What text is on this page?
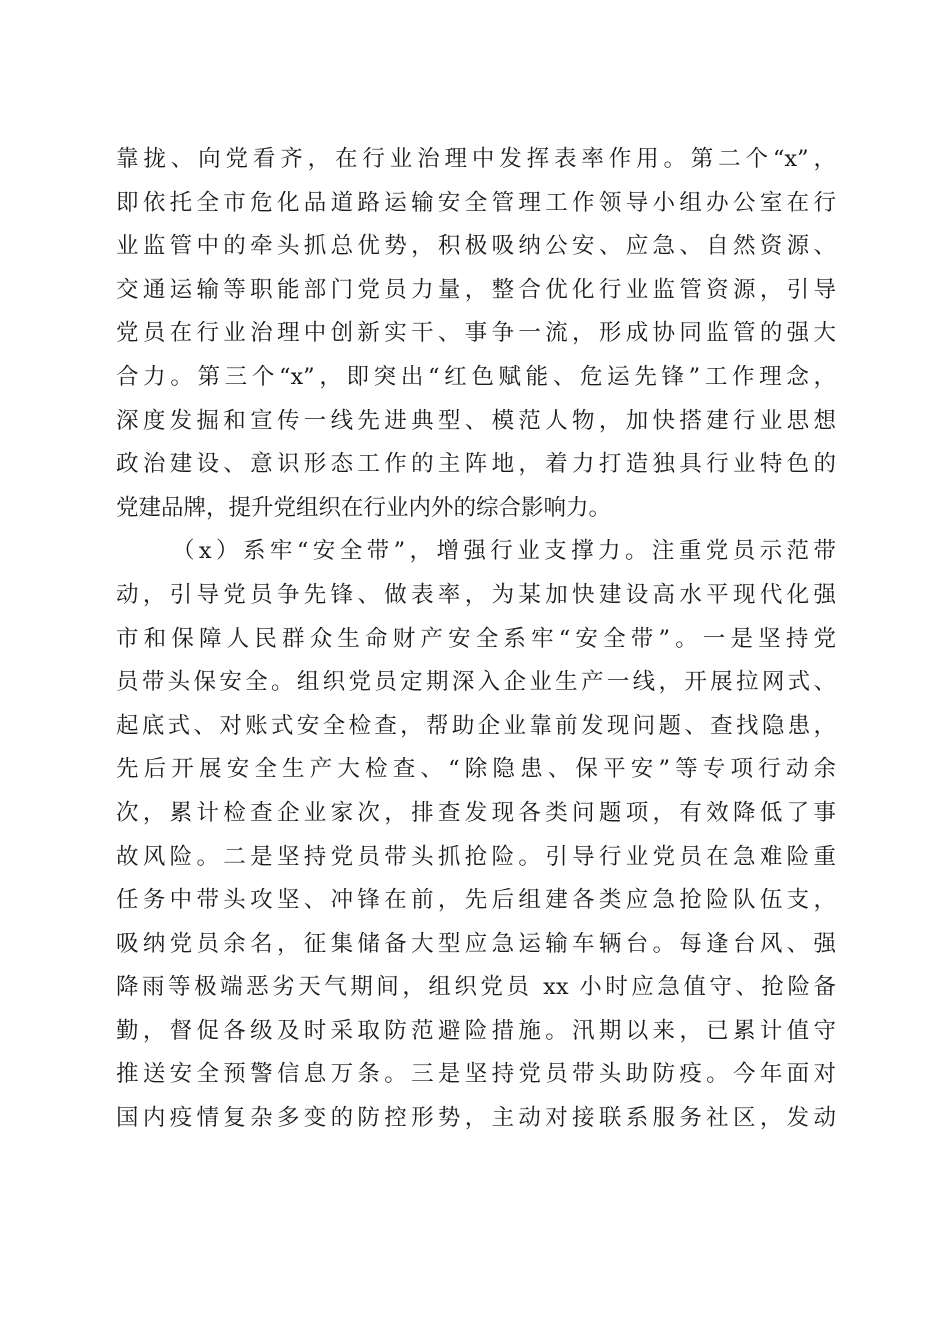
靠拢、向党看齐，在行业治理中发挥表率作用。第二个“x”，
即依托全市危化品道路运输安全管理工作领导小组办公室在行
业监管中的牵头抓总优势，积极吸纳公安、应急、自然资源、
交通运输等职能部门党员力量，整合优化行业监管资源，引导
党员在行业治理中创新实干、事争一流，形成协同监管的强大
合力。第三个“x”，即突出“红色赋能、危运先锋”工作理念，
深度发掘和宣传一线先进典型、模范人物，加快搭建行业思想
政治建设、意识形态工作的主阵地，着力打造独具行业特色的
党建品牌，提升党组织在行业内外的综合影响力。
（x）系牢“安全带”，增强行业支撑力。注重党员示范带
动，引导党员争先锋、做表率，为某加快建设高水平现代化强
市和保障人民群众生命财产安全系牢“安全带”。一是坚持党
员带头保安全。组织党员定期深入企业生产一线，开展拉网式、
起底式、对账式安全检查，帮助企业靠前发现问题、查找隐患，
先后开展安全生产大检查、“除隐患、保平安”等专项行动余
次，累计检查企业家次，排查发现各类问题项，有效降低了事
故风险。二是坚持党员带头抓抢险。引导行业党员在急难险重
任务中带头攻坚、冲锋在前，先后组建各类应急抢险队伍支，
吸纳党员余名，征集储备大型应急运输车辆台。每逢台风、强
降雨等极端恶劣天气期间，组织党员 xx 小时应急值守、抢险备
勤，督促各级及时采取防范避险措施。汛期以来，已累计值守
推送安全预警信息万条。三是坚持党员带头助防疫。今年面对
国内疫情复杂多变的防控形势，主动对接联系服务社区，发动
